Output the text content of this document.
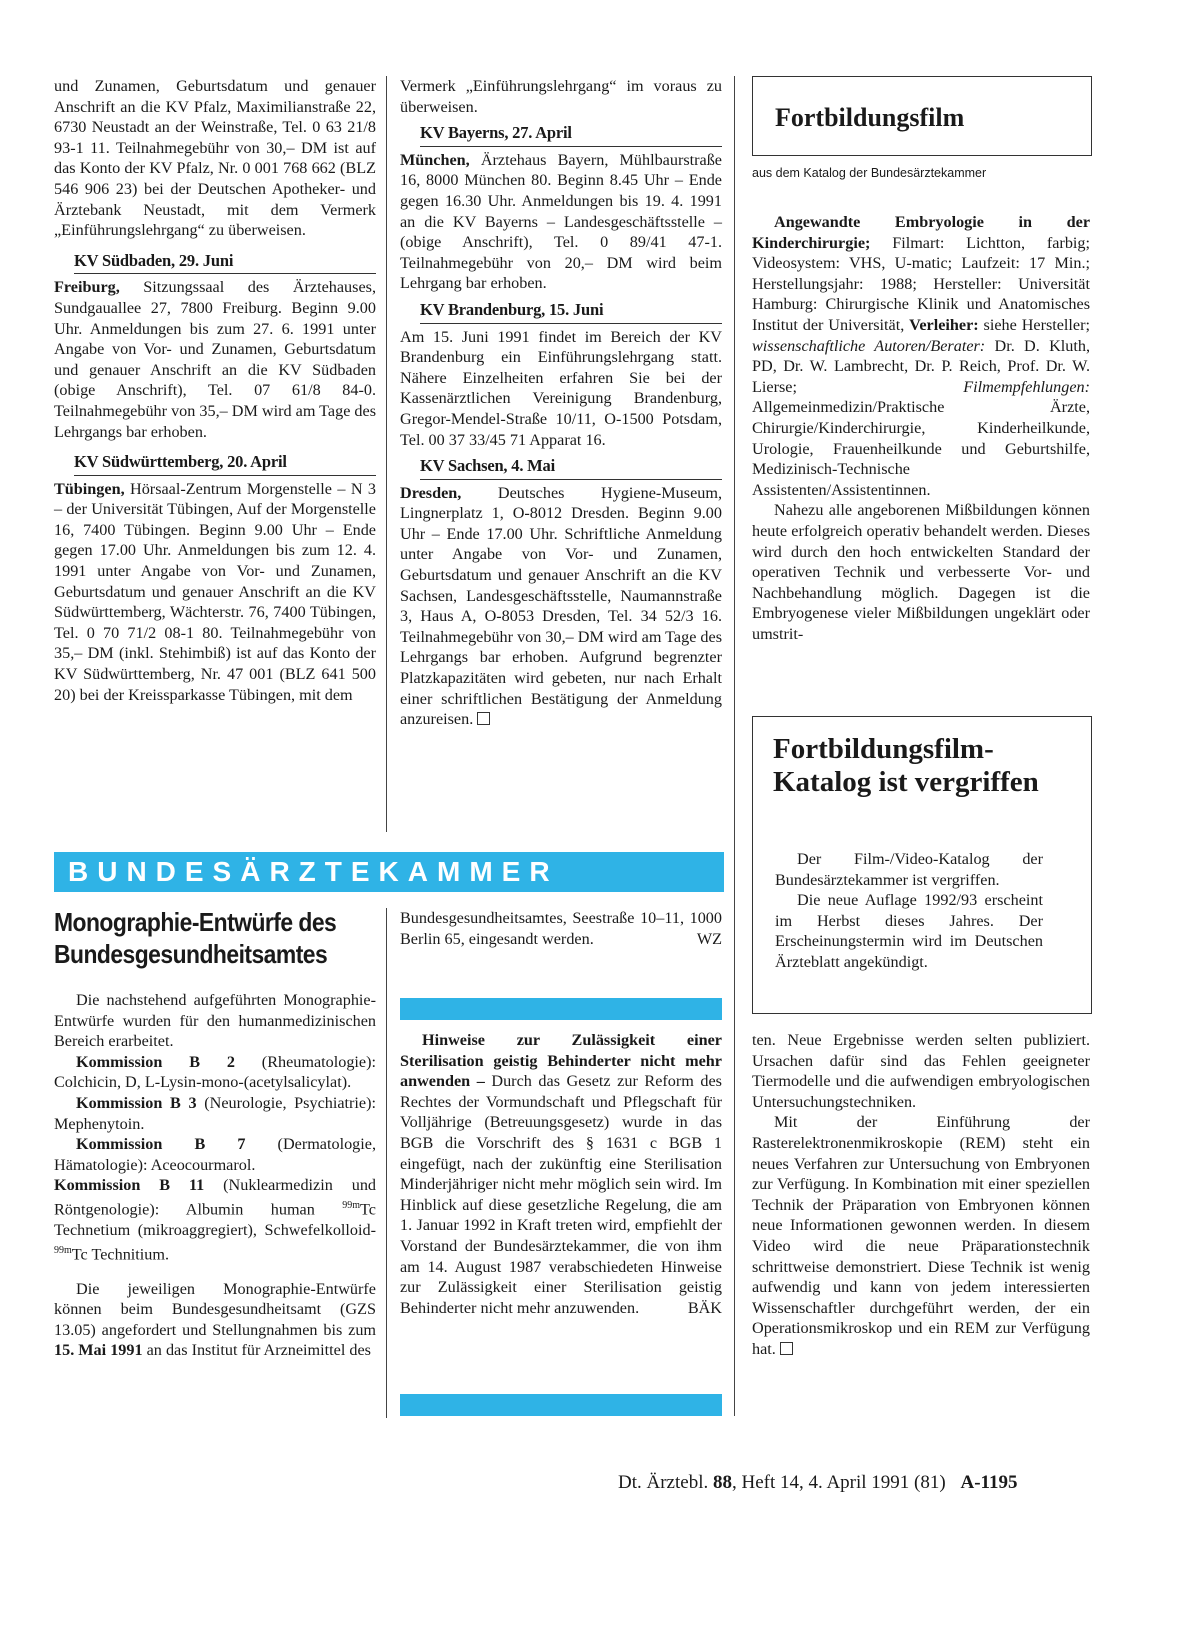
und Zunamen, Geburtsdatum und genauer Anschrift an die KV Pfalz, Maximilianstraße 22, 6730 Neustadt an der Weinstraße, Tel. 0 63 21/8 93-1 11. Teilnahmegebühr von 30,– DM ist auf das Konto der KV Pfalz, Nr. 0 001 768 662 (BLZ 546 906 23) bei der Deutschen Apotheker- und Ärztebank Neustadt, mit dem Vermerk „Einführungslehrgang“ zu überweisen.

KV Südbaden, 29. Juni

Freiburg, Sitzungssaal des Ärztehauses, Sundgauallee 27, 7800 Freiburg. Beginn 9.00 Uhr. Anmeldungen bis zum 27. 6. 1991 unter Angabe von Vor- und Zunamen, Geburtsdatum und genauer Anschrift an die KV Südbaden (obige Anschrift), Tel. 07 61/8 84-0. Teilnahmegebühr von 35,– DM wird am Tage des Lehrgangs bar erhoben.

KV Südwürttemberg, 20. April

Tübingen, Hörsaal-Zentrum Morgenstelle – N 3 – der Universität Tübingen, Auf der Morgenstelle 16, 7400 Tübingen. Beginn 9.00 Uhr – Ende gegen 17.00 Uhr. Anmeldungen bis zum 12. 4. 1991 unter Angabe von Vor- und Zunamen, Geburtsdatum und genauer Anschrift an die KV Südwürttemberg, Wächterstr. 76, 7400 Tübingen, Tel. 0 70 71/2 08-1 80. Teilnahmegebühr von 35,– DM (inkl. Stehimbiß) ist auf das Konto der KV Südwürttemberg, Nr. 47 001 (BLZ 641 500 20) bei der Kreissparkasse Tübingen, mit dem

Vermerk „Einführungslehrgang“ im voraus zu überweisen.

KV Bayerns, 27. April

München, Ärztehaus Bayern, Mühlbaurstraße 16, 8000 München 80. Beginn 8.45 Uhr – Ende gegen 16.30 Uhr. Anmeldungen bis 19. 4. 1991 an die KV Bayerns – Landesgeschäftsstelle – (obige Anschrift), Tel. 0 89/41 47-1. Teilnahmegebühr von 20,– DM wird beim Lehrgang bar erhoben.

KV Brandenburg, 15. Juni

Am 15. Juni 1991 findet im Bereich der KV Brandenburg ein Einführungslehrgang statt. Nähere Einzelheiten erfahren Sie bei der Kassenärztlichen Vereinigung Brandenburg, Gregor-Mendel-Straße 10/11, O-1500 Potsdam, Tel. 00 37 33/45 71 Apparat 16.

KV Sachsen, 4. Mai

Dresden, Deutsches Hygiene-Museum, Lingnerplatz 1, O-8012 Dresden. Beginn 9.00 Uhr – Ende 17.00 Uhr. Schriftliche Anmeldung unter Angabe von Vor- und Zunamen, Geburtsdatum und genauer Anschrift an die KV Sachsen, Landesgeschäftsstelle, Naumannstraße 3, Haus A, O-8053 Dresden, Tel. 34 52/3 16. Teilnahmegebühr von 30,– DM wird am Tage des Lehrgangs bar erhoben. Aufgrund begrenzter Platzkapazitäten wird gebeten, nur nach Erhalt einer schriftlichen Bestätigung der Anmeldung anzureisen.

Fortbildungsfilm
aus dem Katalog der Bundesärztekammer

Angewandte Embryologie in der Kinderchirurgie; Filmart: Lichtton, farbig; Videosystem: VHS, U-matic; Laufzeit: 17 Min.; Herstellungsjahr: 1988; Hersteller: Universität Hamburg: Chirurgische Klinik und Anatomisches Institut der Universität, Verleiher: siehe Hersteller; wissenschaftliche Autoren/Berater: Dr. D. Kluth, PD, Dr. W. Lambrecht, Dr. P. Reich, Prof. Dr. W. Lierse; Filmempfehlungen: Allgemeinmedizin/Praktische Ärzte, Chirurgie/Kinderchirurgie, Kinderheilkunde, Urologie, Frauenheilkunde und Geburtshilfe, Medizinisch-Technische Assistenten/Assistentinnen.

Nahezu alle angeborenen Mißbildungen können heute erfolgreich operativ behandelt werden. Dieses wird durch den hoch entwickelten Standard der operativen Technik und verbesserte Vor- und Nachbehandlung möglich. Dagegen ist die Embryogenese vieler Mißbildungen ungeklärt oder umstrit-

Fortbildungsfilm-Katalog ist vergriffen

Der Film-/Video-Katalog der Bundesärztekammer ist vergriffen.

Die neue Auflage 1992/93 erscheint im Herbst dieses Jahres. Der Erscheinungstermin wird im Deutschen Ärzteblatt angekündigt.

ten. Neue Ergebnisse werden selten publiziert. Ursachen dafür sind das Fehlen geeigneter Tiermodelle und die aufwendigen embryologischen Untersuchungstechniken.

Mit der Einführung der Rasterelektronenmikroskopie (REM) steht ein neues Verfahren zur Untersuchung von Embryonen zur Verfügung. In Kombination mit einer speziellen Technik der Präparation von Embryonen können neue Informationen gewonnen werden. In diesem Video wird die neue Präparationstechnik schrittweise demonstriert. Diese Technik ist wenig aufwendig und kann von jedem interessierten Wissenschaftler durchgeführt werden, der ein Operationsmikroskop und ein REM zur Verfügung hat.

BUNDESÄRZTEKAMMER
Monographie-Entwürfe des Bundesgesundheitsamtes

Die nachstehend aufgeführten Monographie-Entwürfe wurden für den humanmedizinischen Bereich erarbeitet.

Kommission B 2 (Rheumatologie): Colchicin, D, L-Lysin-mono-(acetylsalicylat).

Kommission B 3 (Neurologie, Psychiatrie): Mephenytoin.

Kommission B 7 (Dermatologie, Hämatologie): Aceocourmarol.

Kommission B 11 (Nuklearmedizin und Röntgenologie): Albumin human $^{99m}$Tc Technetium (mikroaggregiert), Schwefelkolloid-$^{99m}$Tc Technitium.

Die jeweiligen Monographie-Entwürfe können beim Bundesgesundheitsamt (GZS 13.05) angefordert und Stellungnahmen bis zum 15. Mai 1991 an das Institut für Arzneimittel des

Bundesgesundheitsamtes, Seestraße 10–11, 1000 Berlin 65, eingesandt werden.	WZ

Hinweise zur Zulässigkeit einer Sterilisation geistig Behinderter nicht mehr anwenden – Durch das Gesetz zur Reform des Rechtes der Vormundschaft und Pflegschaft für Volljährige (Betreuungsgesetz) wurde in das BGB die Vorschrift des § 1631 c BGB 1 eingefügt, nach der zukünftig eine Sterilisation Minderjähriger nicht mehr möglich sein wird. Im Hinblick auf diese gesetzliche Regelung, die am 1. Januar 1992 in Kraft treten wird, empfiehlt der Vorstand der Bundesärztekammer, die von ihm am 14. August 1987 verabschiedeten Hinweise zur Zulässigkeit einer Sterilisation geistig Behinderter nicht mehr anzuwenden.	BÄK

Dt. Ärztebl. 88, Heft 14, 4. April 1991 (81) A-1195
